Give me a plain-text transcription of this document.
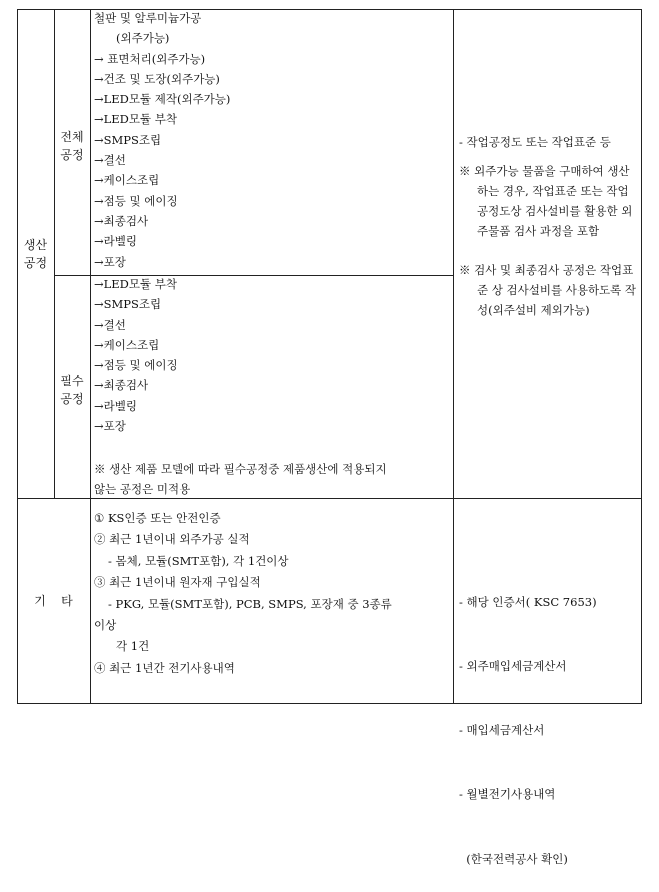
생산
공정
전체
공정
필수
공정
철판 및 알루미늄가공
(외주가능)
→ 표면처리(외주가능)
→건조 및 도장(외주가능)
→LED모듈 제작(외주가능)
→LED모듈 부착
→SMPS조립
→결선
→케이스조립
→점등 및 에이징
→최종검사
→라벨링
→포장
→LED모듈 부착
→SMPS조립
→결선
→케이스조립
→점등 및 에이징
→최종검사
→라벨링
→포장
※ 생산 제품 모델에 따라 필수공정중 제품생산에 적용되지
않는 공정은 미적용
- 작업공정도 또는 작업표준 등
※ 외주가능 물품을 구매하여 생산하는 경우, 작업표준 또는 작업공정도상 검사설비를 활용한 외주물품 검사 과정을 포함
※ 검사 및 최종검사 공정은 작업표준 상 검사설비를 사용하도록 작성(외주설비 제외가능)
기    타
① KS인증 또는 안전인증
② 최근 1년이내 외주가공 실적
- 몸체, 모듈(SMT포함), 각 1건이상
③ 최근 1년이내 원자재 구입실적
- PKG, 모듈(SMT포함), PCB, SMPS, 포장재 중 3종류
이상
각 1건
④ 최근 1년간 전기사용내역

- 해당 인증서( KSC 7653)

- 외주매입세금계산서

- 매입세금계산서

- 월별전기사용내역

(한국전력공사 확인)
